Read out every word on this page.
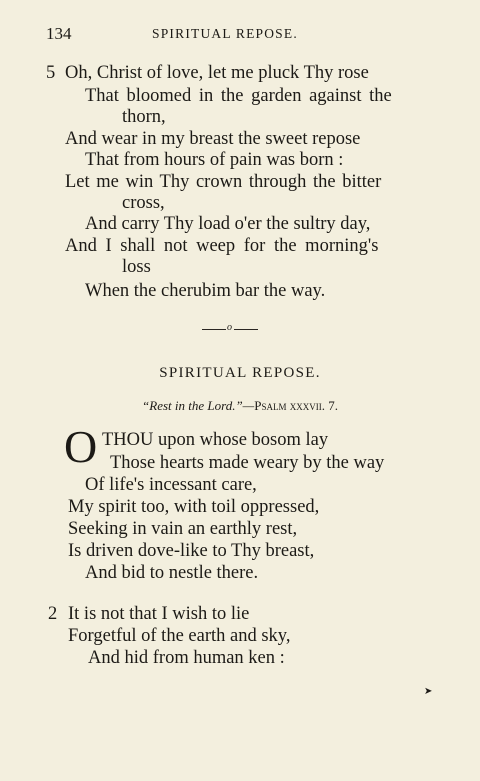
134	SPIRITUAL REPOSE.
5 Oh, Christ of love, let me pluck Thy rose
That bloomed in the garden against the
thorn,
And wear in my breast the sweet repose
That from hours of pain was born :
Let me win Thy crown through the bitter
cross,
And carry Thy load o'er the sultry day,
And I shall not weep for the morning's
loss
When the cherubim bar the way.
o
SPIRITUAL REPOSE.
“Rest in the Lord.”—Psalm xxxvii. 7.
O THOU upon whose bosom lay
Those hearts made weary by the way
Of life's incessant care,
My spirit too, with toil oppressed,
Seeking in vain an earthly rest,
Is driven dove-like to Thy breast,
And bid to nestle there.
2 It is not that I wish to lie
Forgetful of the earth and sky,
And hid from human ken :
➤
